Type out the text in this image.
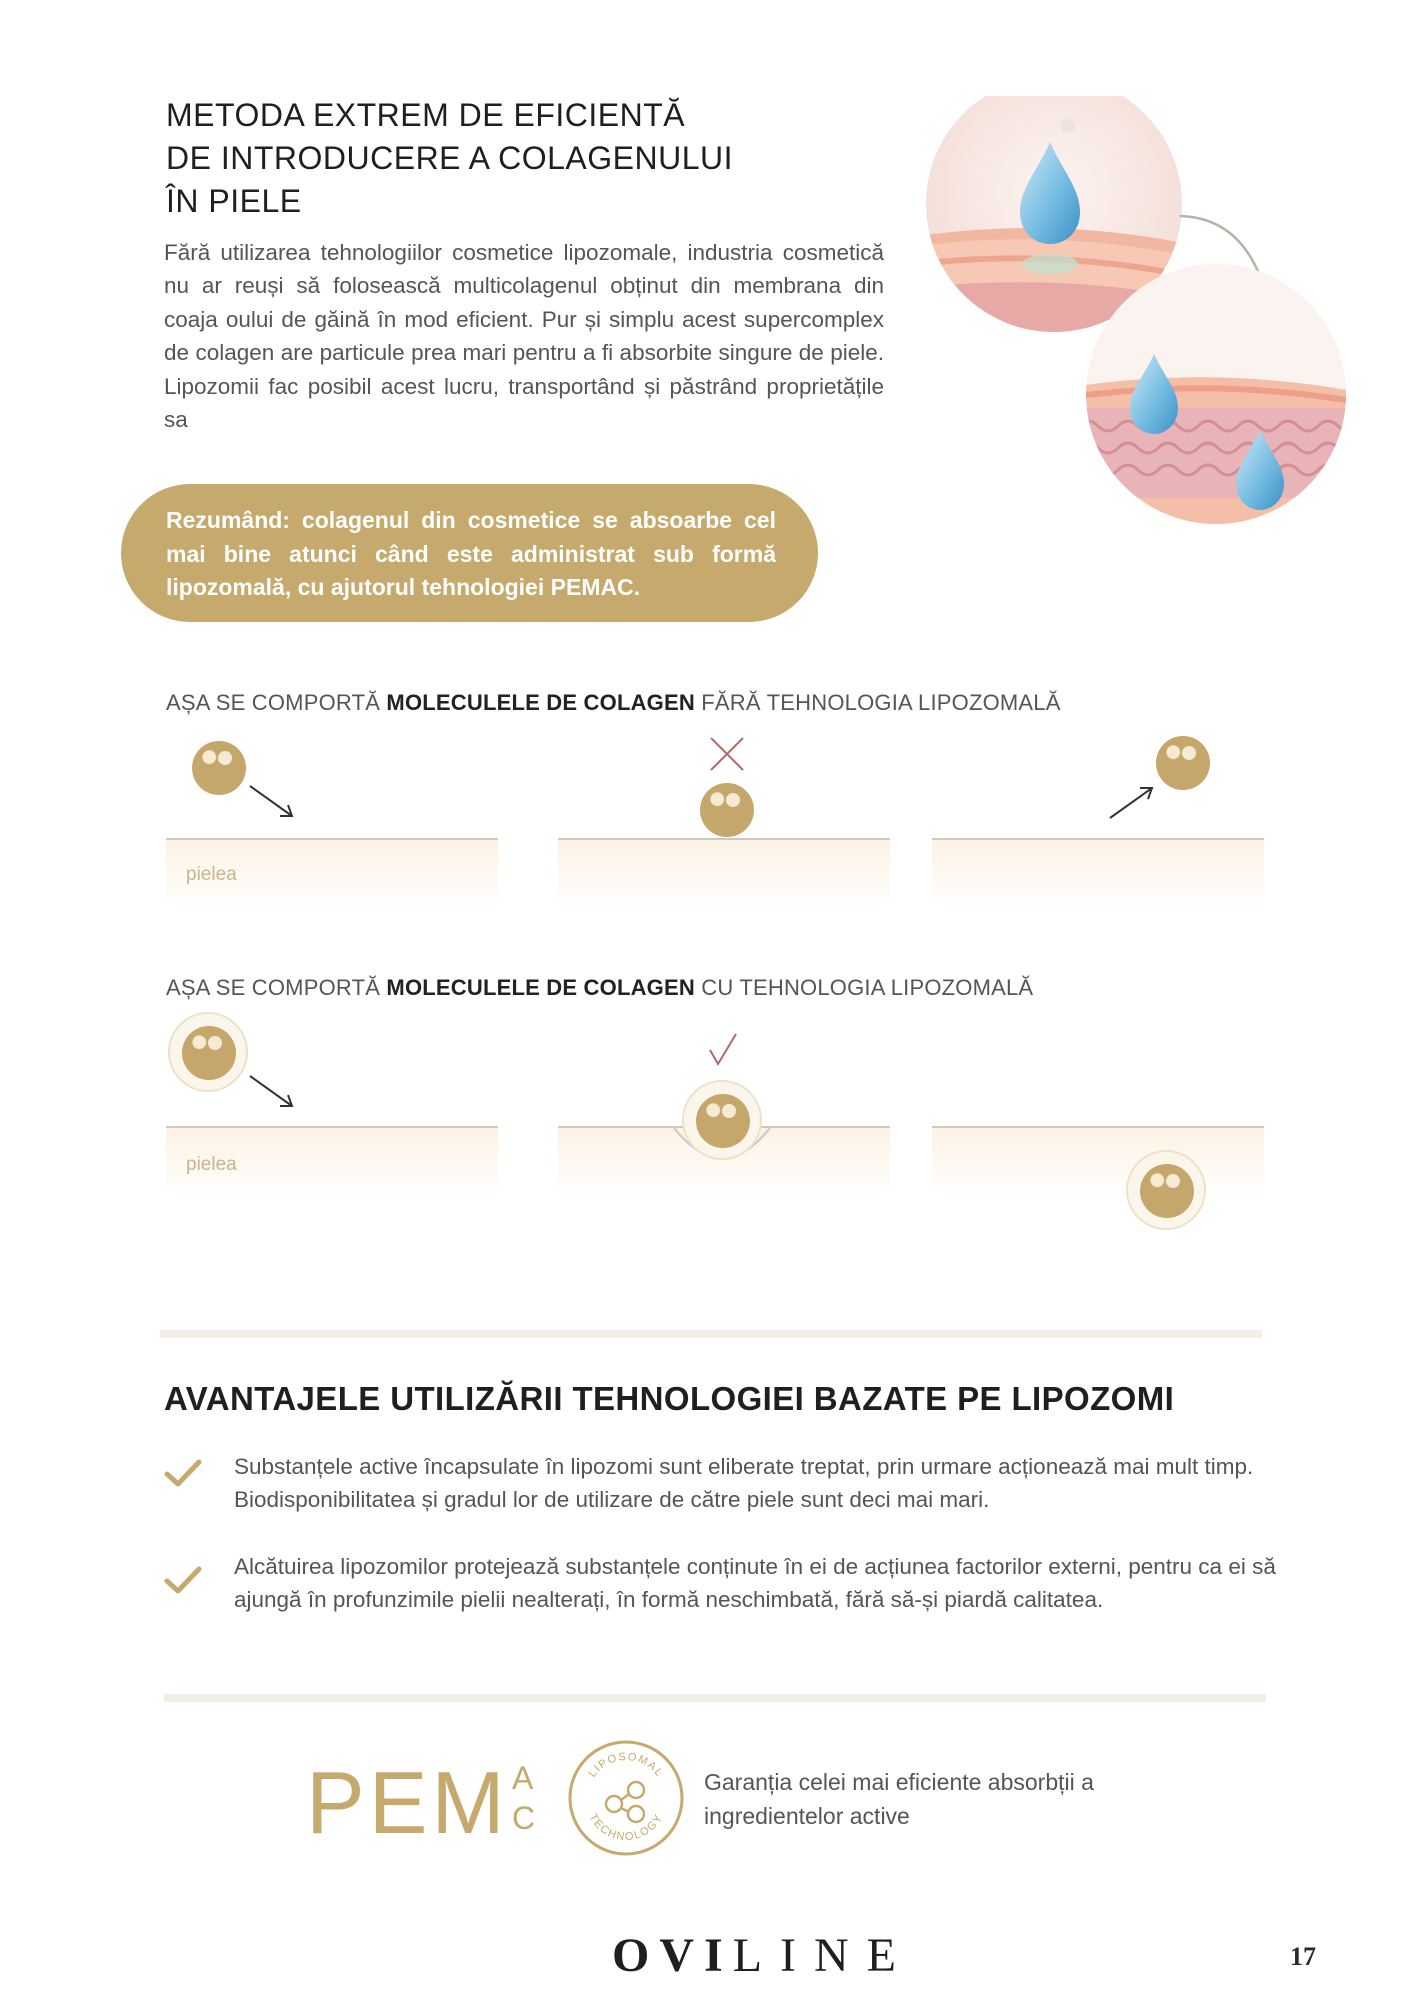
METODA EXTREM DE EFICIENTĂ
DE INTRODUCERE A COLAGENULUI
ÎN PIELE

Fără utilizarea tehnologiilor cosmetice lipozomale, industria cosmetică nu ar reuși să folosească multicolagenul obținut din membrana din coaja oului de găină în mod eficient. Pur și simplu acest supercomplex de colagen are particule prea mari pentru a fi absorbite singure de piele. Lipozomii fac posibil acest lucru, transportând și păstrând proprietățile sa

Rezumând: colagenul din cosmetice se absoarbe cel mai bine atunci când este administrat sub formă lipozomală, cu ajutorul tehnologiei PEMAC.
AȘA SE COMPORTĂ MOLECULELE DE COLAGEN FĂRĂ TEHNOLOGIA LIPOZOMALĂ
pielea
AȘA SE COMPORTĂ MOLECULELE DE COLAGEN CU TEHNOLOGIA LIPOZOMALĂ
pielea
AVANTAJELE UTILIZĂRII TEHNOLOGIEI BAZATE PE LIPOZOMI

Substanțele active încapsulate în lipozomi sunt eliberate treptat, prin urmare acționează mai mult timp. Biodisponibilitatea și gradul lor de utilizare de către piele sunt deci mai mari.

Alcătuirea lipozomilor protejează substanțele conținute în ei de acțiunea factorilor externi, pentru ca ei să ajungă în profunzimile pielii nealterați, în formă neschimbată, fără să-și piardă calitatea.

PEM A
C
LIPOSOMAL
TECHNOLOGY

Garanția celei mai eficiente absorbții a ingredientelor active

OVILINE	17
